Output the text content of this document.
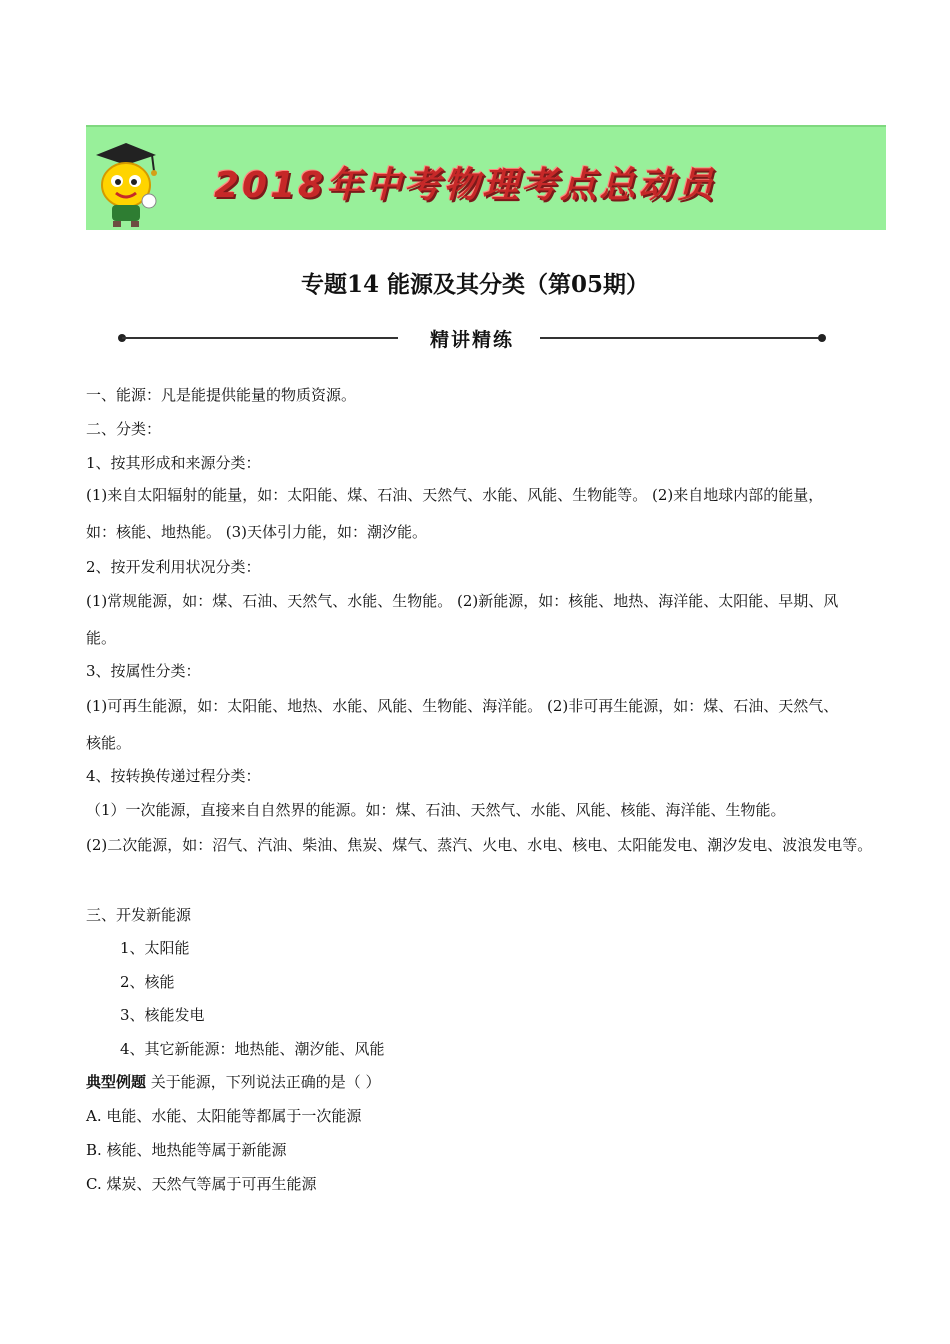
2018年中考物理考点总动员
专题14 能源及其分类（第05期）
精讲精练
一、能源：凡是能提供能量的物质资源。
二、分类：
1、按其形成和来源分类：
(1)来自太阳辐射的能量，如：太阳能、煤、石油、天然气、水能、风能、生物能等。 (2)来自地球内部的能量，
如：核能、地热能。 (3)天体引力能，如：潮汐能。
2、按开发利用状况分类：
(1)常规能源，如：煤、石油、天然气、水能、生物能。 (2)新能源，如：核能、地热、海洋能、太阳能、早期、风
能。
3、按属性分类：
(1)可再生能源，如：太阳能、地热、水能、风能、生物能、海洋能。 (2)非可再生能源，如：煤、石油、天然气、
核能。
4、按转换传递过程分类：
（1）一次能源，直接来自自然界的能源。如：煤、石油、天然气、水能、风能、核能、海洋能、生物能。
(2)二次能源，如：沼气、汽油、柴油、焦炭、煤气、蒸汽、火电、水电、核电、太阳能发电、潮汐发电、波浪发电等。
三、开发新能源
1、太阳能
2、核能
3、核能发电
4、其它新能源：地热能、潮汐能、风能
典型例题 关于能源，下列说法正确的是（ ）
A. 电能、水能、太阳能等都属于一次能源
B. 核能、地热能等属于新能源
C. 煤炭、天然气等属于可再生能源
